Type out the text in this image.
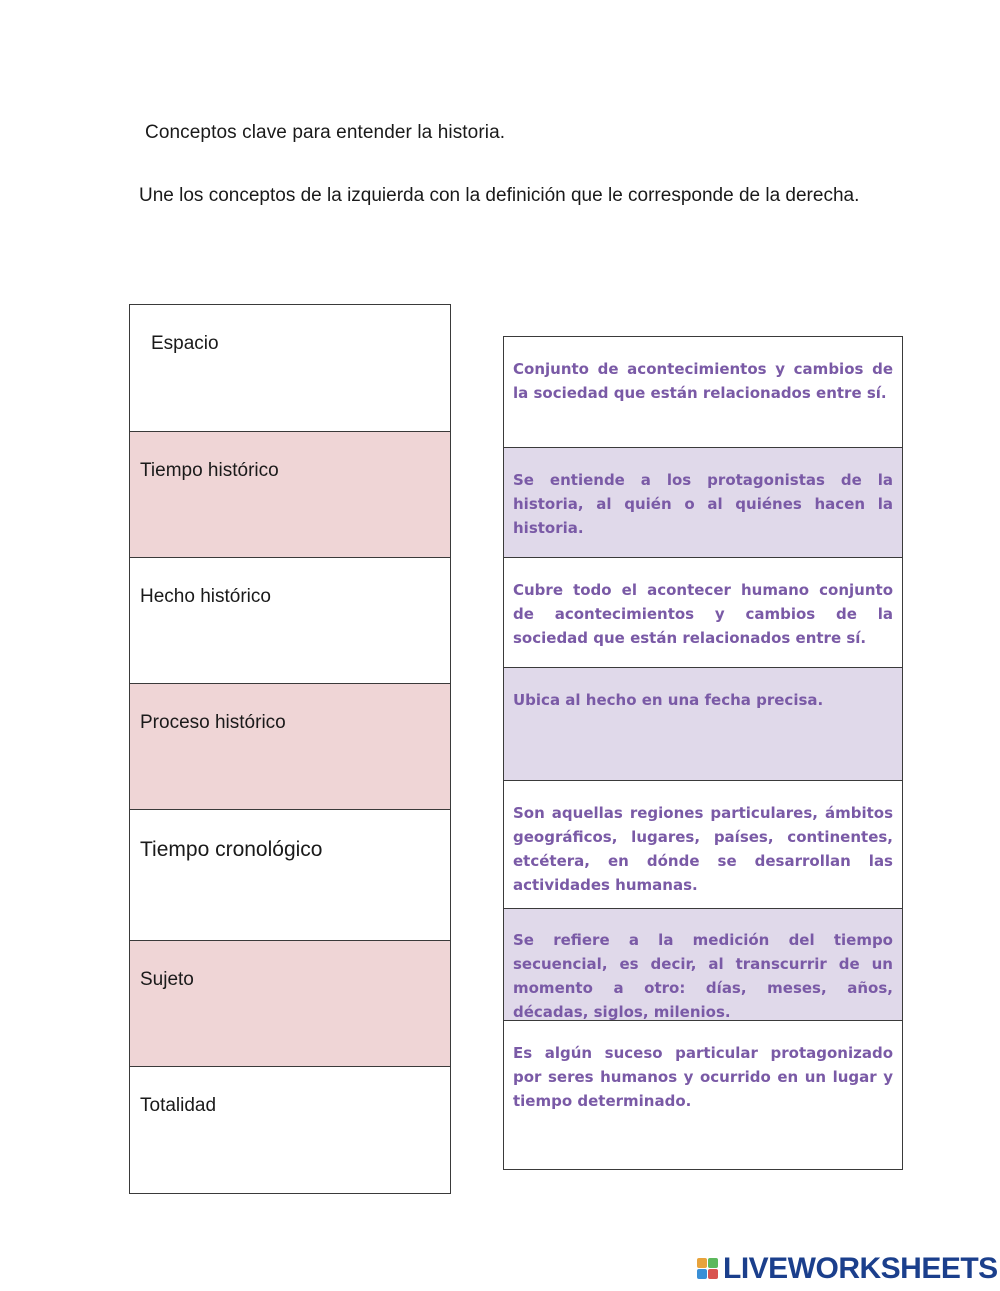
Conceptos clave para entender la historia.
Une los conceptos de la izquierda con la definición que le corresponde de la derecha.
Espacio
Tiempo histórico
Hecho histórico
Proceso histórico
Tiempo cronológico
Sujeto
Totalidad
Conjunto de acontecimientos y cambios de la sociedad que están relacionados entre sí.
Se entiende a los protagonistas de la historia, al quién o al quiénes hacen la historia.
Cubre todo el acontecer humano conjunto de acontecimientos y cambios de la sociedad que están relacionados entre sí.
Ubica al hecho en una fecha precisa.
Son aquellas regiones particulares, ámbitos geográficos, lugares, países, continentes, etcétera, en dónde se desarrollan las actividades humanas.
Se refiere a la medición del tiempo secuencial, es decir, al transcurrir de un momento a otro: días, meses, años, décadas, siglos, milenios.
Es algún suceso particular protagonizado por seres humanos y ocurrido en un lugar y tiempo determinado.
LIVEWORKSHEETS
